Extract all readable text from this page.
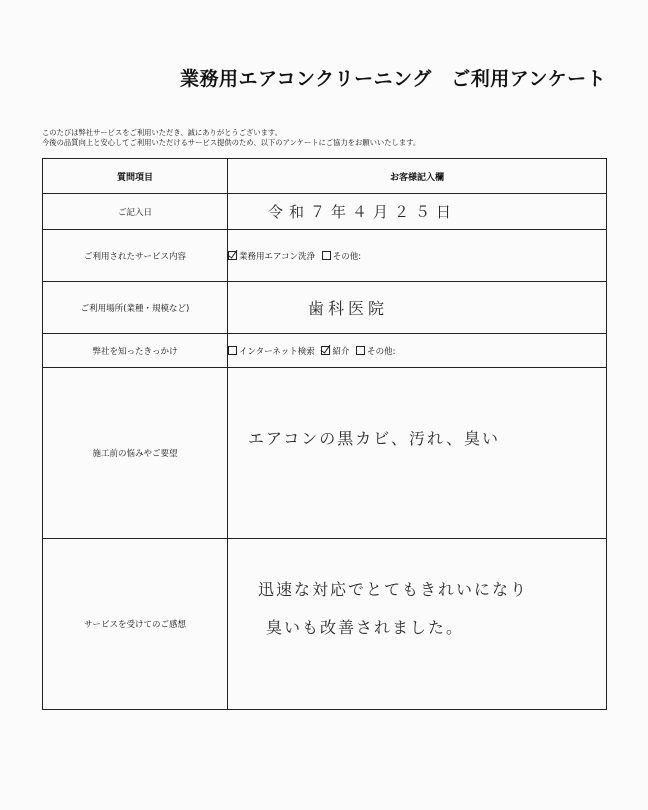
業務用エアコンクリーニング　ご利用アンケート
このたびは弊社サービスをご利用いただき、誠にありがとうございます。
今後の品質向上と安心してご利用いただけるサービス提供のため、以下のアンケートにご協力をお願いいたします。
質問項目	お客様記入欄
ご記入日	令和７年４月２５日
ご利用されたサービス内容	業務用エアコン洗浄 その他:
ご利用場所(業種・規模など)	歯科医院
弊社を知ったきっかけ	インターネット検索 紹介 その他:
施工前の悩みやご要望	エアコンの黒カビ、汚れ、臭い

サービスを受けてのご感想	迅速な対応でとてもきれいになり
臭いも改善されました。
